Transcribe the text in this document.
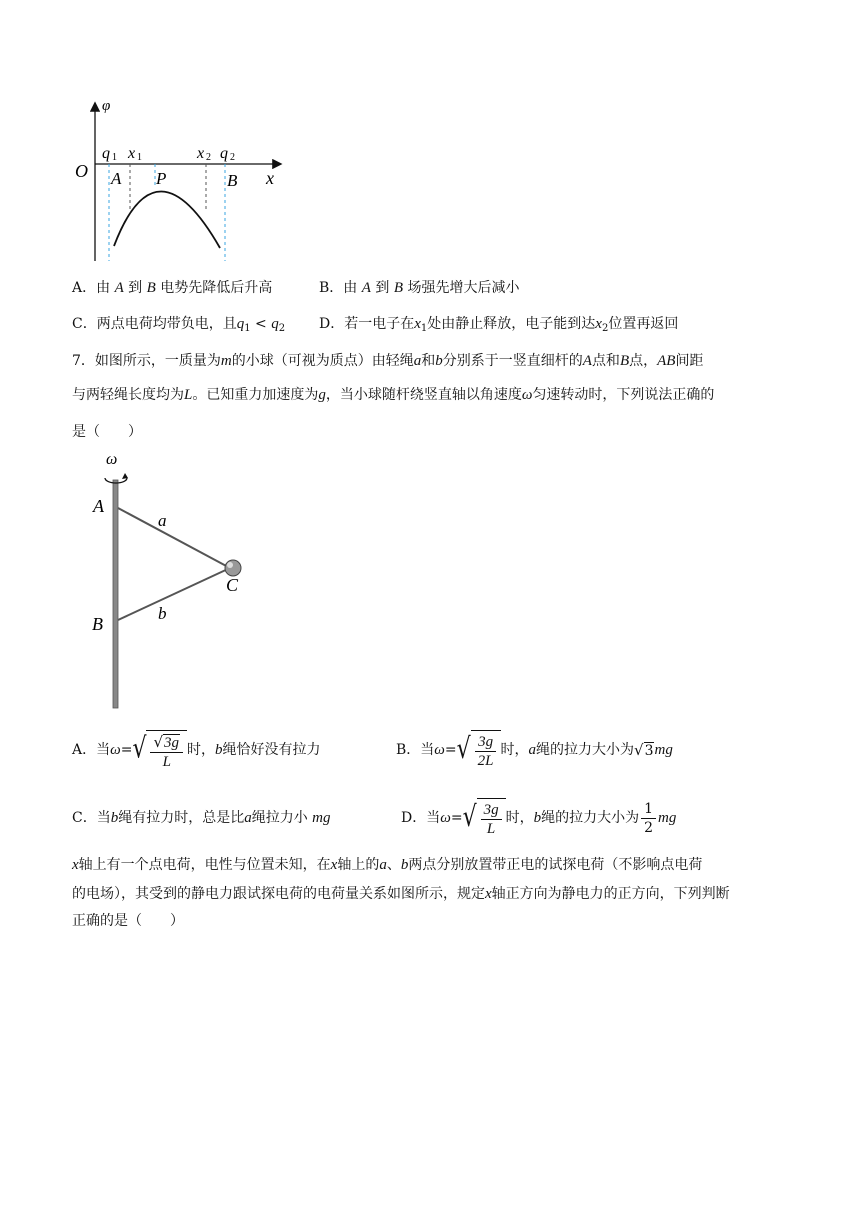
φ
O	x
q 1 x 1	x 2 q 2
A P	B
A．由 A 到 B 电势先降低后升高	B．由 A 到 B 场强先增大后减小
C．两点电荷均带负电，且$q_1 < q_2$ D．若一电子在$x_1$处由静止释放，电子能到达$x_2$位置再返回
7．如图所示，一质量为m的小球（可视为质点）由轻绳a和b分别系于一竖直细杆的A点和B点，AB间距
与两轻绳长度均为L。已知重力加速度为g，当小球随杆绕竖直轴以角速度ω匀速转动时，下列说法正确的
是（　　）
ω
A
a
C
B
b
A．当 ω = √ $\frac{√3g}{L}$ 时， b 绳恰好没有拉力	B．当 ω = √ $\frac{3g}{2L}$ 时， a 绳的拉力大小为 √3 mg
C．当b绳有拉力时，总是比a绳拉力小 mg	D．当 ω = √ $\frac{3g}{L}$ 时， b 绳的拉力大小为 $\frac{1}{2}$ mg
x轴上有一个点电荷，电性与位置未知，在x轴上的a、b两点分别放置带正电的试探电荷（不影响点电荷
的电场），其受到的静电力跟试探电荷的电荷量关系如图所示，规定x轴正方向为静电力的正方向，下列判断
正确的是（　　）
